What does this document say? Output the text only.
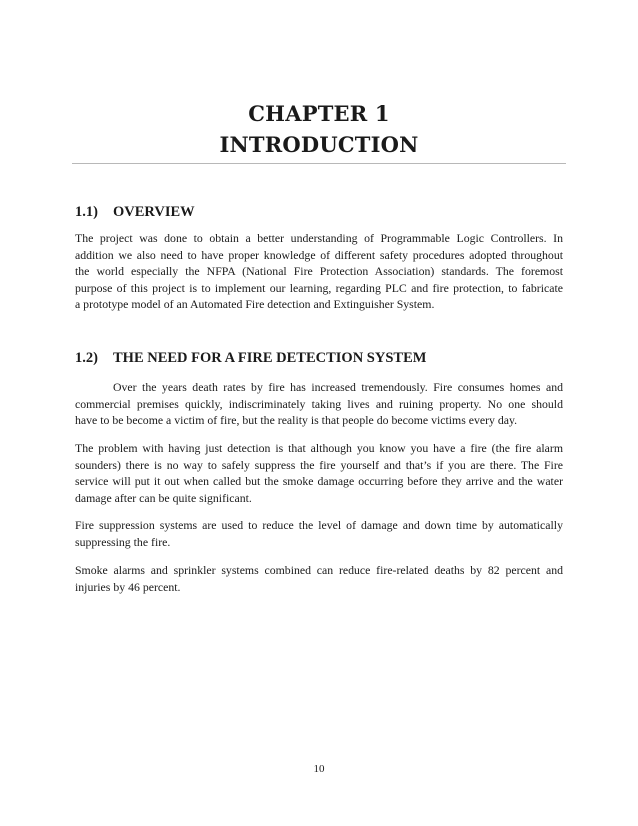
CHAPTER 1
INTRODUCTION
1.1) OVERVIEW
The project was done to obtain a better understanding of Programmable Logic Controllers. In
addition we also need to have proper knowledge of different safety procedures adopted throughout
the world especially the NFPA (National Fire Protection Association) standards. The foremost
purpose of this project is to implement our learning, regarding PLC and fire protection, to fabricate
a prototype model of an Automated Fire detection and Extinguisher System.
1.2) THE NEED FOR A FIRE DETECTION SYSTEM
Over the years death rates by fire has increased tremendously. Fire consumes homes and
commercial premises quickly, indiscriminately taking lives and ruining property. No one should
have to be become a victim of fire, but the reality is that people do become victims every day.
The problem with having just detection is that although you know you have a fire (the fire alarm
sounders) there is no way to safely suppress the fire yourself and that’s if you are there. The Fire
service will put it out when called but the smoke damage occurring before they arrive and the water
damage after can be quite significant.
Fire suppression systems are used to reduce the level of damage and down time by automatically
suppressing the fire.
Smoke alarms and sprinkler systems combined can reduce fire-related deaths by 82 percent and
injuries by 46 percent.
10
